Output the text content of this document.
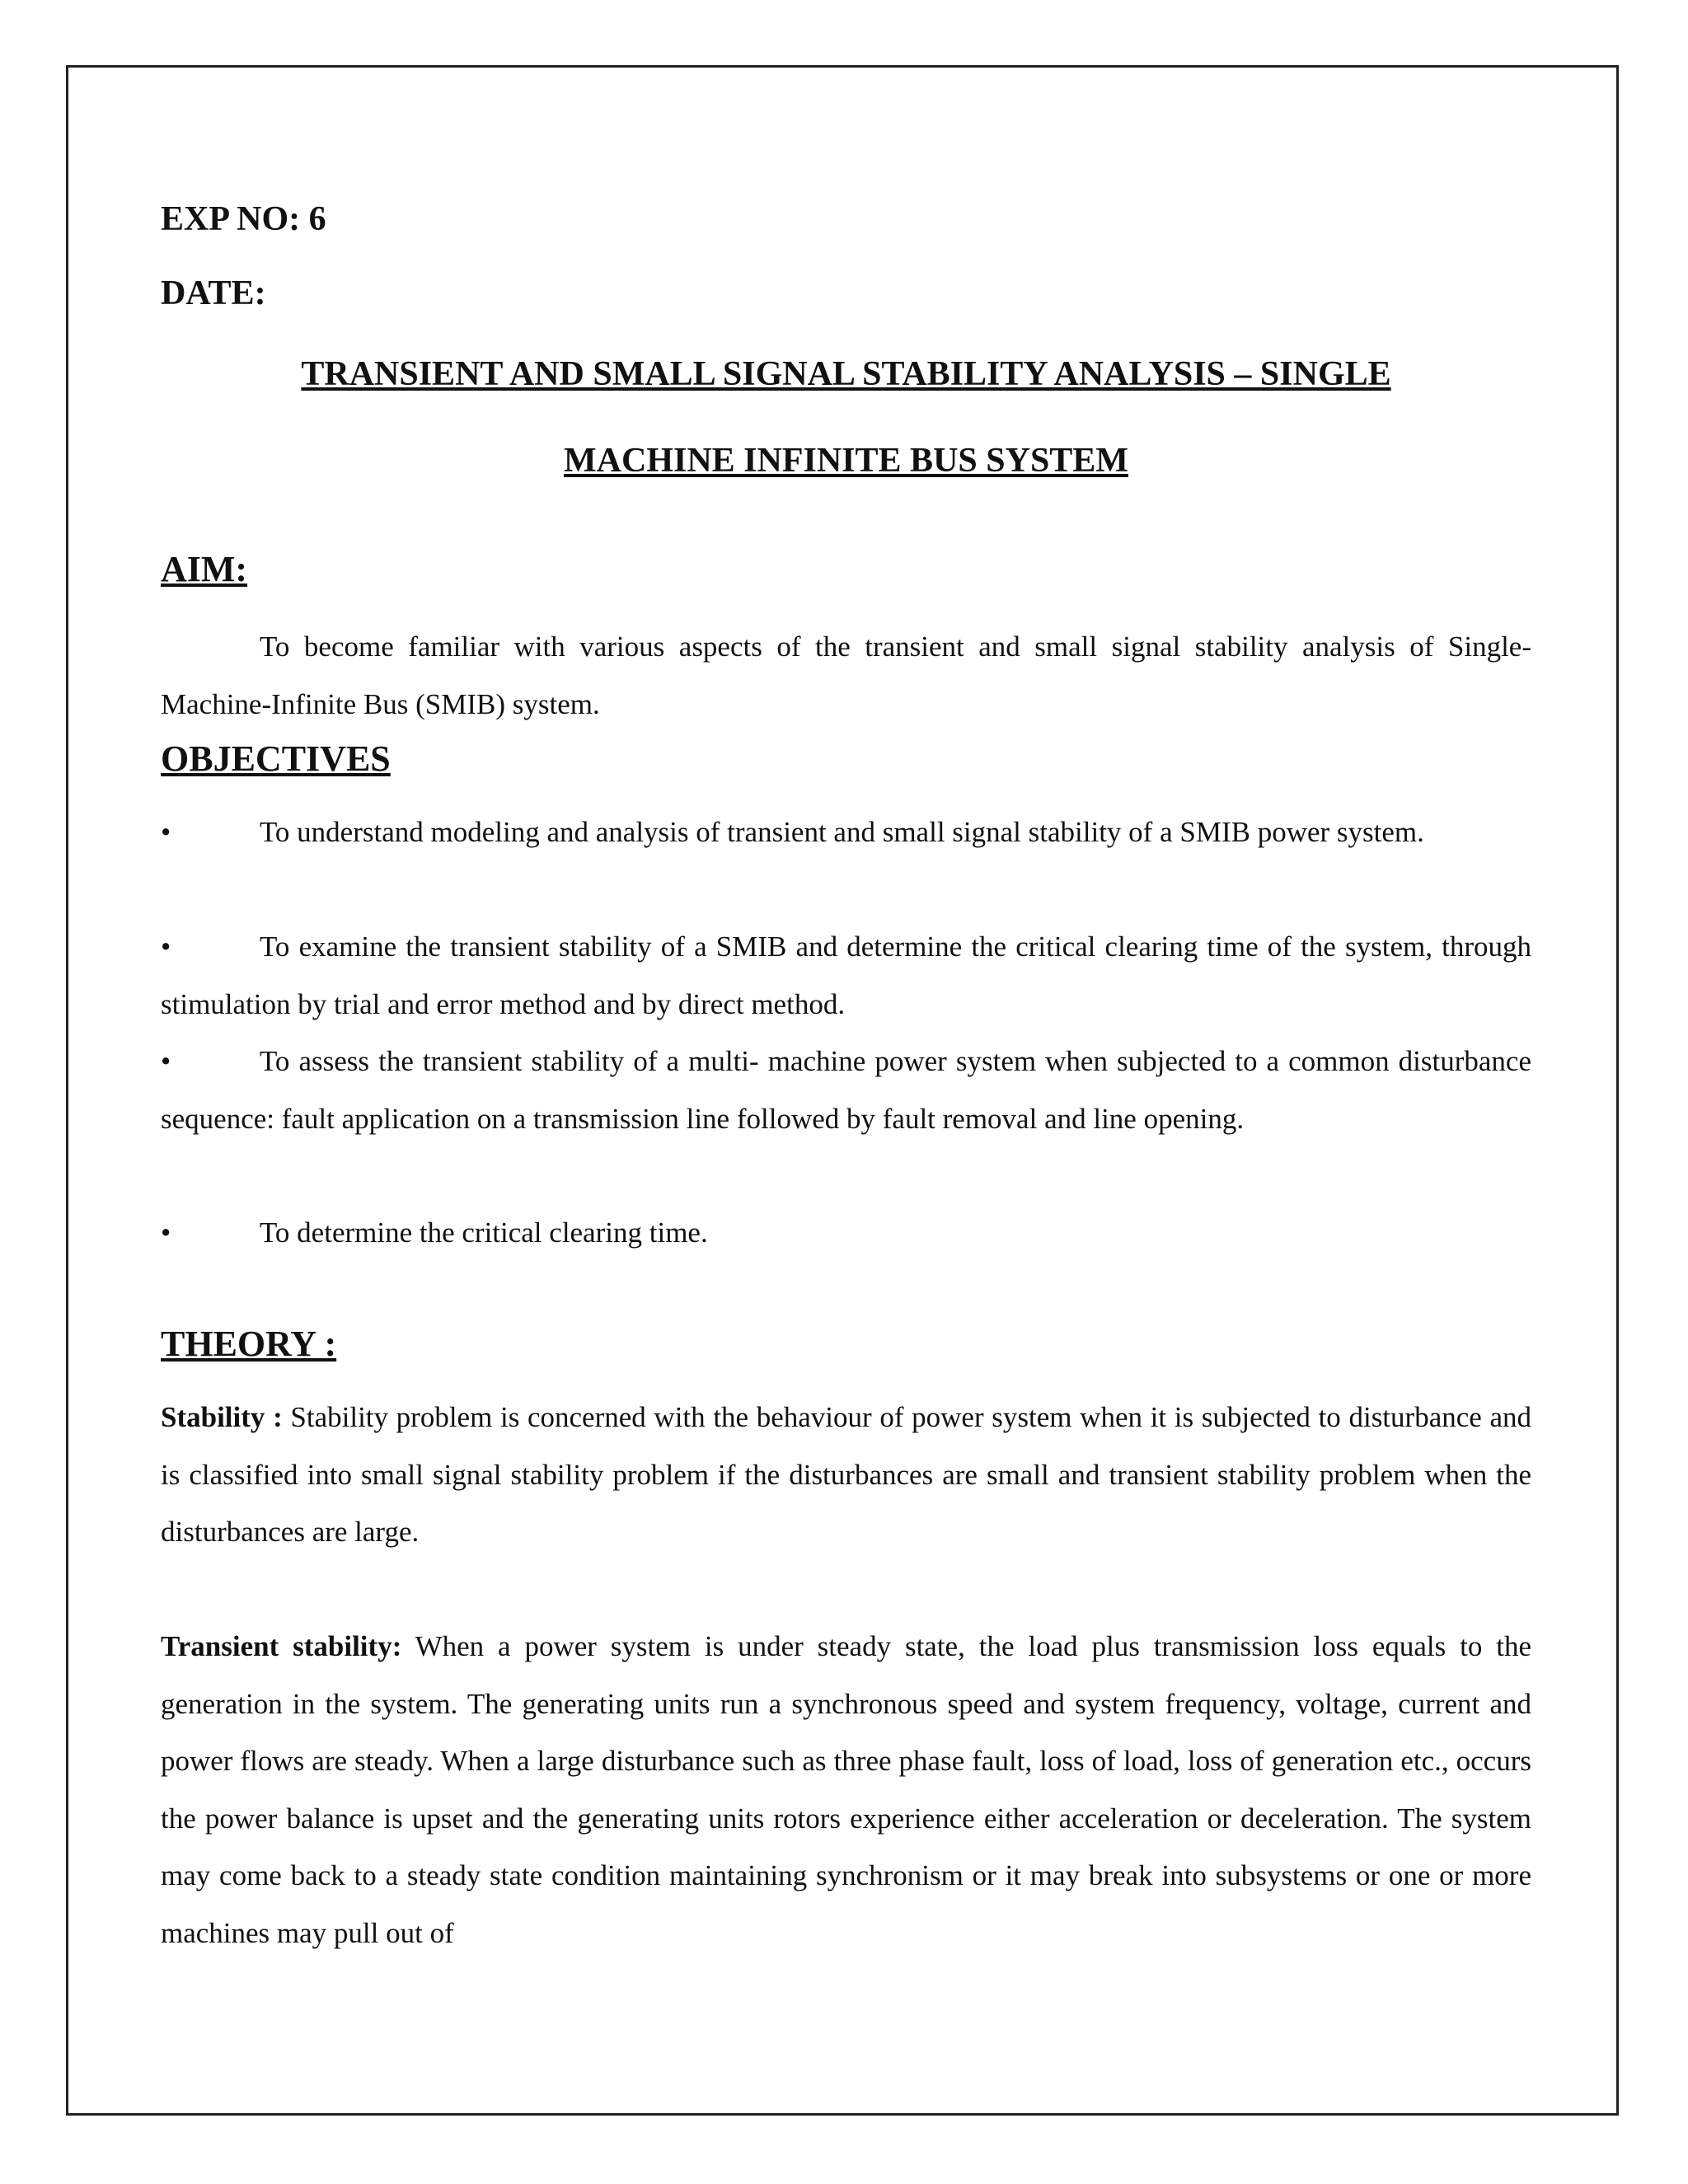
EXP NO: 6
DATE:
TRANSIENT AND SMALL SIGNAL STABILITY ANALYSIS – SINGLE
MACHINE INFINITE BUS SYSTEM
AIM:
To become familiar with various aspects of the transient and small signal stability analysis of Single-Machine-Infinite Bus (SMIB) system.
OBJECTIVES
•	To understand modeling and analysis of transient and small signal stability of a SMIB power system.
•	To examine the transient stability of a SMIB and determine the critical clearing time of the system, through stimulation by trial and error method and by direct method.
•	To assess the transient stability of a multi- machine power system when subjected to a common disturbance sequence: fault application on a transmission line followed by fault removal and line opening.
•	To determine the critical clearing time.
THEORY :
Stability : Stability problem is concerned with the behaviour of power system when it is subjected to disturbance and is classified into small signal stability problem if the disturbances are small and transient stability problem when the disturbances are large.
Transient stability: When a power system is under steady state, the load plus transmission loss equals to the generation in the system. The generating units run a synchronous speed and system frequency, voltage, current and power flows are steady. When a large disturbance such as three phase fault, loss of load, loss of generation etc., occurs the power balance is upset and the generating units rotors experience either acceleration or deceleration. The system may come back to a steady state condition maintaining synchronism or it may break into subsystems or one or more machines may pull out of
